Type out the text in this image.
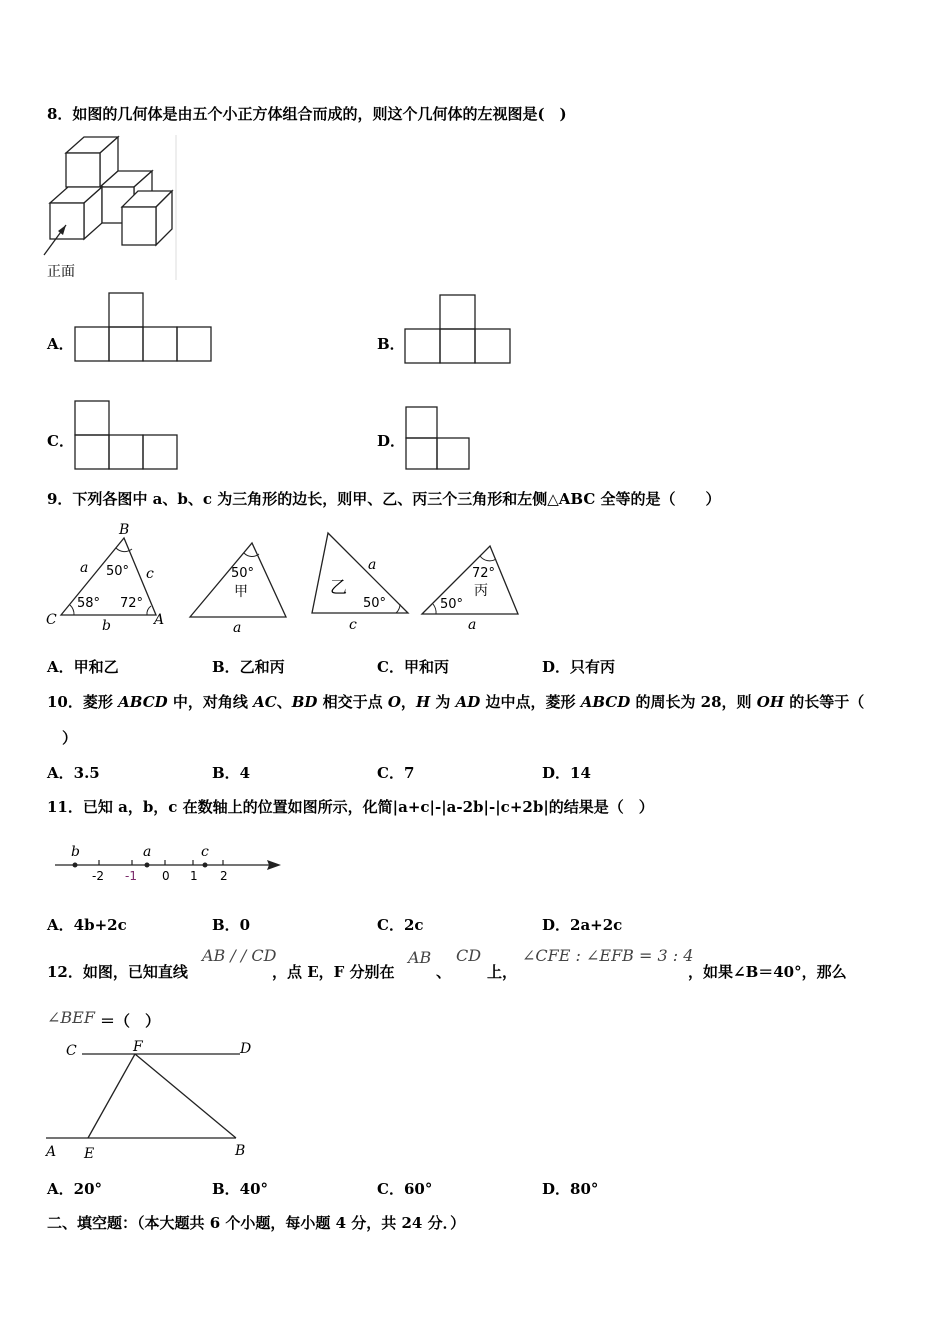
8．如图的几何体是由五个小正方体组合而成的，则这个几何体的左视图是(　)
正面
A．	B．
C．	D．
9．下列各图中 a、b、c 为三角形的边长，则甲、乙、丙三个三角形和左侧△ABC 全等的是（　　）
B
C	A
a
b
c
50°
58° 72°
50°
甲
a
乙
a
50°
c
72°
丙
50°
a
A．甲和乙	B．乙和丙	C．甲和丙	D．只有丙
10．菱形 ABCD 中，对角线 AC、BD 相交于点 O，H 为 AD 边中点，菱形 ABCD 的周长为 28，则 OH 的长等于（
）
A．3.5	B．4	C．7	D．14
11．已知 a，b，c 在数轴上的位置如图所示，化简|a+c|-|a-2b|-|c+2b|的结果是（　）
b	a	c
-2 -1 0 1 2
A．4b+2c	B．0	C．2c	D．2a+2c
12．如图，已知直线
AB / / CD
，点 E，F 分别在
AB
、
CD
上，
∠CFE : ∠EFB = 3 : 4
，如果∠B＝40°，那么
∠BEF ＝（　）
C	F	D
A E	B
A．20°	B．40°	C．60°	D．80°
二、填空题：（本大题共 6 个小题，每小题 4 分，共 24 分．）
